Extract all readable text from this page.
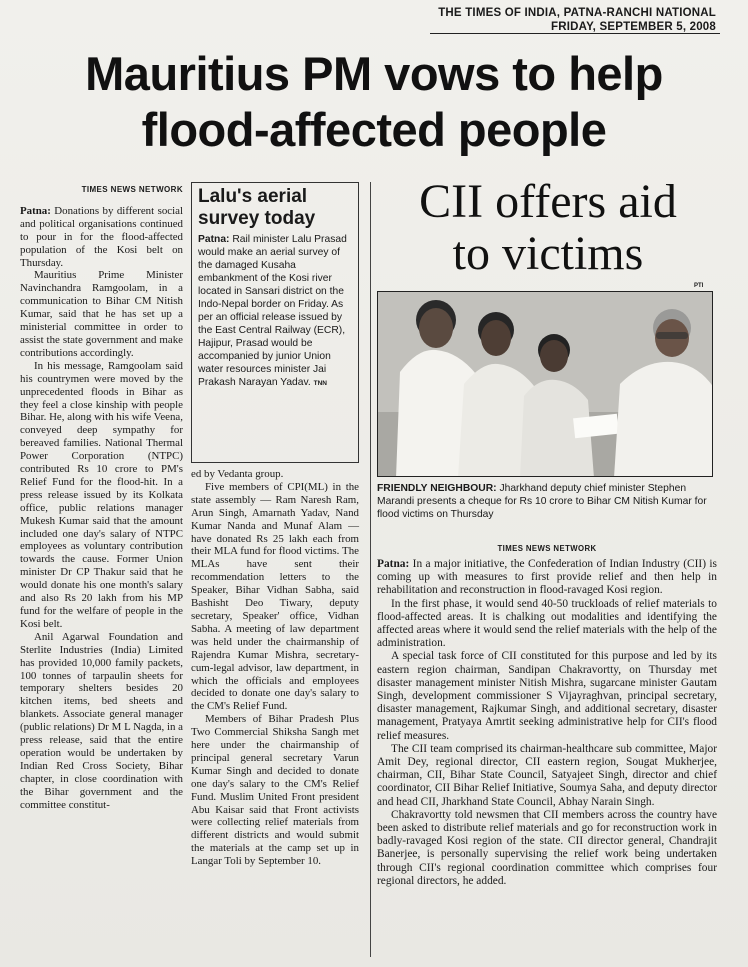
THE TIMES OF INDIA, PATNA-RANCHI NATIONAL
FRIDAY, SEPTEMBER 5, 2008
Mauritius PM vows to help
flood-affected people
TIMES NEWS NETWORK

Patna: Donations by different social and political organisations continued to pour in for the flood-affected population of the Kosi belt on Thursday.

Mauritius Prime Minister Navinchandra Ramgoolam, in a communication to Bihar CM Nitish Kumar, said that he has set up a ministerial committee in order to assist the state government and make contributions accordingly.

In his message, Ramgoolam said his countrymen were moved by the unprecedented floods in Bihar as they feel a close kinship with people Bihar. He, along with his wife Veena, conveyed deep sympathy for bereaved families. National Thermal Power Corporation (NTPC) contributed Rs 10 crore to PM's Relief Fund for the flood-hit. In a press release issued by its Kolkata office, public relations manager Mukesh Kumar said that the amount included one day's salary of NTPC employees as voluntary contribution towards the cause. Former Union minister Dr CP Thakur said that he would donate his one month's salary and also Rs 20 lakh from his MP fund for the welfare of people in the Kosi belt.

Anil Agarwal Foundation and Sterlite Industries (India) Limited has provided 10,000 family packets, 100 tonnes of tarpaulin sheets for temporary shelters besides 20 kitchen items, bed sheets and blankets. Associate general manager (public relations) Dr M L Nagda, in a press release, said that the entire operation would be undertaken by Indian Red Cross Society, Bihar chapter, in close coordination with the Bihar government and the committee constitut-

Lalu's aerial survey today
Patna: Rail minister Lalu Prasad would make an aerial survey of the damaged Kusaha embankment of the Kosi river located in Sansari district on the Indo-Nepal border on Friday. As per an official release issued by the East Central Railway (ECR), Hajipur, Prasad would be accompanied by junior Union water resources minister Jai Prakash Narayan Yadav. TNN

ed by Vedanta group.

Five members of CPI(ML) in the state assembly — Ram Naresh Ram, Arun Singh, Amarnath Yadav, Nand Kumar Nanda and Munaf Alam — have donated Rs 25 lakh each from their MLA fund for flood victims. The MLAs have sent their recommendation letters to the Speaker, Bihar Vidhan Sabha, said Bashisht Deo Tiwary, deputy secretary, Speaker' office, Vidhan Sabha. A meeting of law department was held under the chairmanship of Rajendra Kumar Mishra, secretary-cum-legal advisor, law department, in which the officials and employees decided to donate one day's salary to the CM's Relief Fund.

Members of Bihar Pradesh Plus Two Commercial Shiksha Sangh met here under the chairmanship of principal general secretary Varun Kumar Singh and decided to donate one day's salary to the CM's Relief Fund. Muslim United Front president Abu Kaisar said that Front activists were collecting relief materials from different districts and would submit the materials at the camp set up in Langar Toli by September 10.

CII offers aid
to victims
PTI
FRIENDLY NEIGHBOUR: Jharkhand deputy chief minister Stephen Marandi presents a cheque for Rs 10 crore to Bihar CM Nitish Kumar for flood victims on Thursday
TIMES NEWS NETWORK

Patna: In a major initiative, the Confederation of Indian Industry (CII) is coming up with measures to first provide relief and then help in rehabilitation and reconstruction in flood-ravaged Kosi region.

In the first phase, it would send 40-50 truckloads of relief materials to flood-affected areas. It is chalking out modalities and identifying the affected areas where it would send the relief materials with the help of the administration.

A special task force of CII constituted for this purpose and led by its eastern region chairman, Sandipan Chakravortty, on Thursday met disaster management minister Nitish Mishra, sugarcane minister Gautam Singh, development commissioner S Vijayraghvan, principal secretary, disaster management, Rajkumar Singh, and additional secretary, disaster management, Pratyaya Amrtit seeking administrative help for CII's flood relief measures.

The CII team comprised its chairman-healthcare sub committee, Major Amit Dey, regional director, CII eastern region, Sougat Mukherjee, chairman, CII, Bihar State Council, Satyajeet Singh, director and chief coordinator, CII Bihar Relief Initiative, Soumya Saha, and deputy director and head CII, Jharkhand State Council, Abhay Narain Singh.

Chakravortty told newsmen that CII members across the country have been asked to distribute relief materials and go for reconstruction work in badly-ravaged Kosi region of the state. CII director general, Chandrajit Banerjee, is personally supervising the relief work being undertaken through CII's regional coordination committee which comprises four regional directors, he added.
